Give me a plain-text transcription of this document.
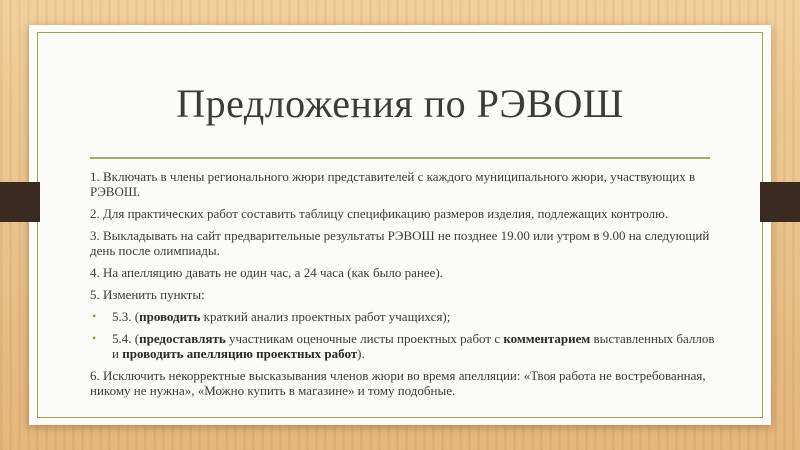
Предложения по РЭВОШ

1. Включать в члены регионального жюри представителей с каждого муниципального жюри, участвующих в РЭВОШ.

2. Для практических работ составить таблицу спецификацию размеров изделия, подлежащих контролю.

3. Выкладывать на сайт предварительные результаты РЭВОШ не позднее 19.00 или утром в 9.00 на следующий день после олимпиады.

4. На апелляцию давать не один час, а 24 часа (как было ранее).

5. Изменить пункты:

• 5.3. (проводить краткий анализ проектных работ учащихся);
• 5.4. (предоставлять участникам оценочные листы проектных работ с комментарием выставленных баллов и проводить апелляцию проектных работ).

6. Исключить некорректные высказывания членов жюри во время апелляции: «Твоя работа не востребованная, никому не нужна», «Можно купить в магазине» и тому подобные.
